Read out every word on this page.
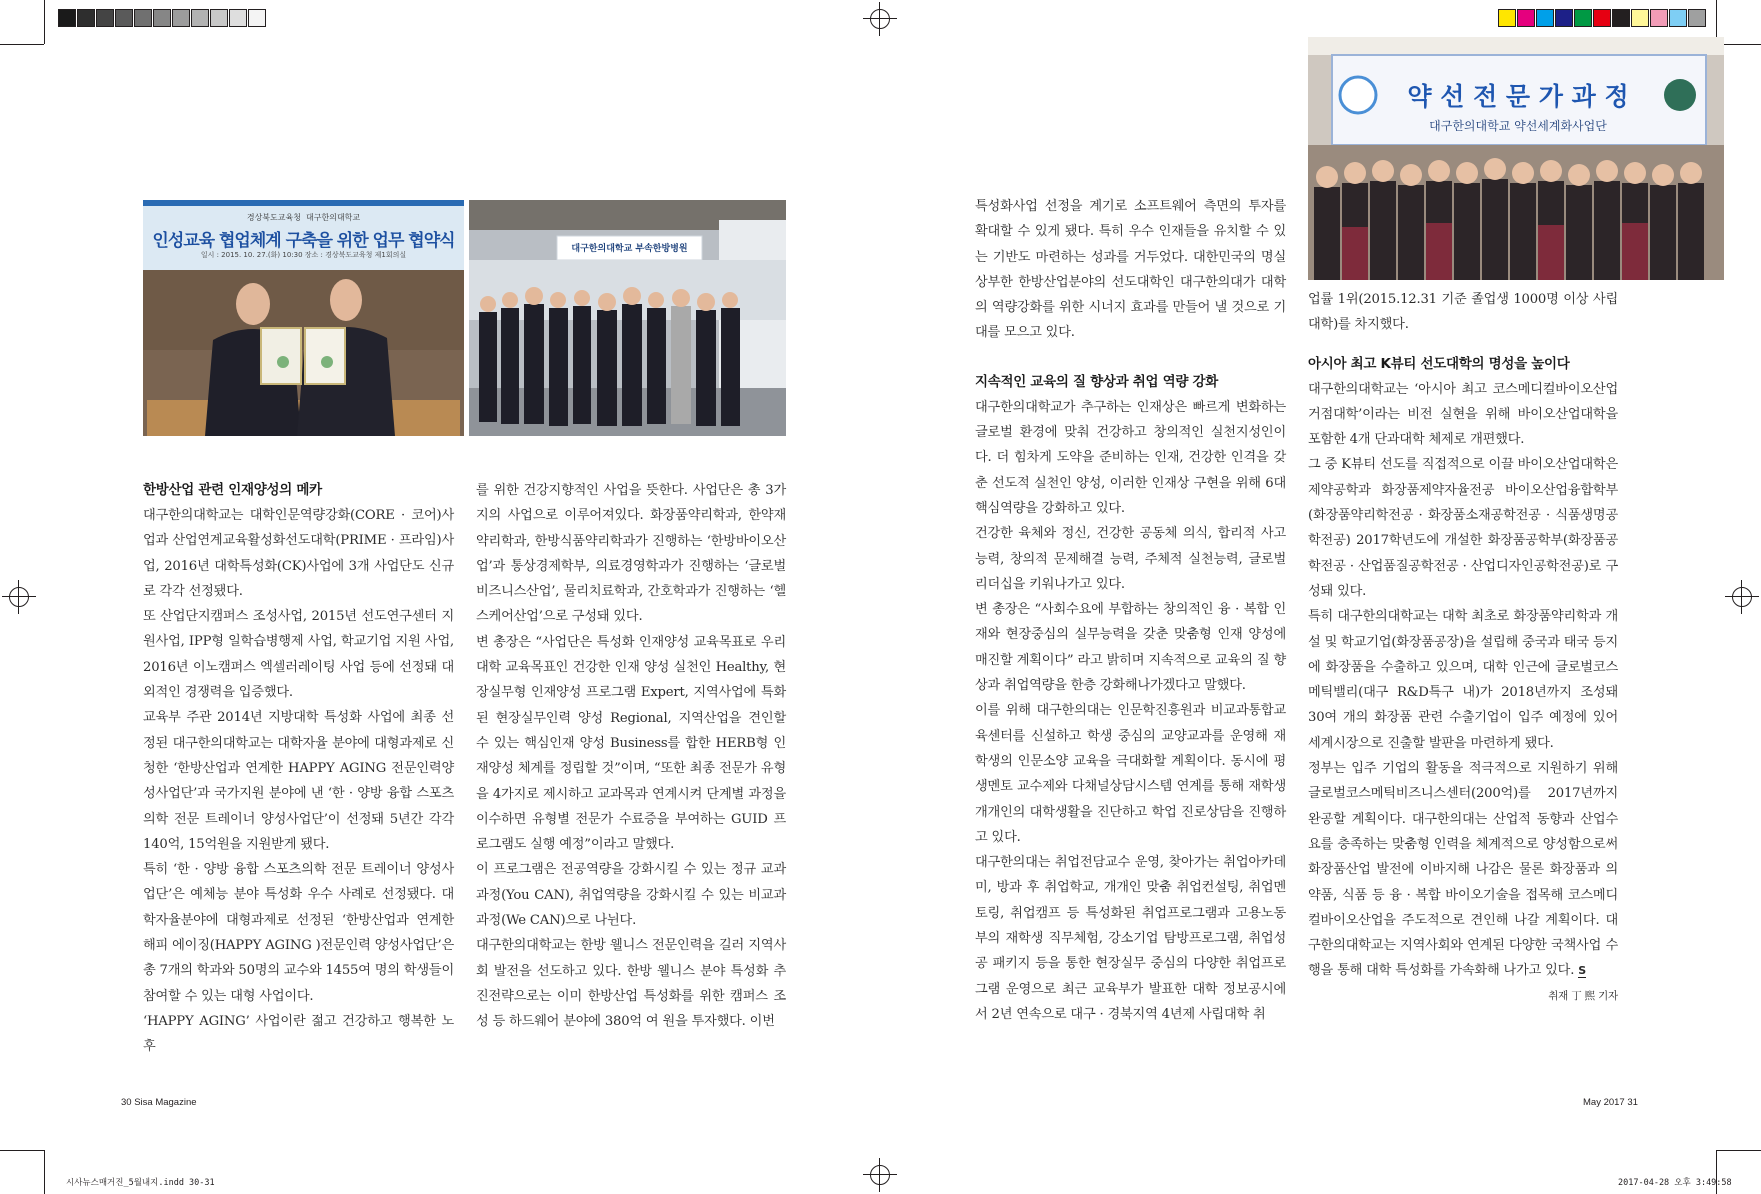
경상북도교육청 대구한의대학교
인성교육 협업체계 구축을 위한 업무 협약식
일시 : 2015. 10. 27.(화) 10:30 장소 : 경상북도교육청 제1회의실
대구한의대학교 부속한방병원
약 선 전 문 가 과 정
대구한의대학교 약선세계화사업단
한방산업 관련 인재양성의 메카

대구한의대학교는 대학인문역량강화(CORE · 코어)사업과 산업연계교육활성화선도대학(PRIME · 프라임)사업, 2016년 대학특성화(CK)사업에 3개 사업단도 신규로 각각 선정됐다.

또 산업단지캠퍼스 조성사업, 2015년 선도연구센터 지원사업, IPP형 일학습병행제 사업, 학교기업 지원 사업, 2016년 이노캠퍼스 엑셀러레이팅 사업 등에 선정돼 대외적인 경쟁력을 입증했다.

교육부 주관 2014년 지방대학 특성화 사업에 최종 선정된 대구한의대학교는 대학자율 분야에 대형과제로 신청한 ‘한방산업과 연계한 HAPPY AGING 전문인력양성사업단’과 국가지원 분야에 낸 ‘한 · 양방 융합 스포츠의학 전문 트레이너 양성사업단’이 선정돼 5년간 각각 140억, 15억원을 지원받게 됐다.

특히 ‘한 · 양방 융합 스포츠의학 전문 트레이너 양성사업단’은 예체능 분야 특성화 우수 사례로 선정됐다. 대학자율분야에 대형과제로 선정된 ‘한방산업과 연계한 해피 에이징(HAPPY AGING )전문인력 양성사업단’은 총 7개의 학과와 50명의 교수와 1455여 명의 학생들이 참여할 수 있는 대형 사업이다.

‘HAPPY AGING’ 사업이란 젊고 건강하고 행복한 노후

를 위한 건강지향적인 사업을 뜻한다. 사업단은 총 3가지의 사업으로 이루어져있다. 화장품약리학과, 한약재약리학과, 한방식품약리학과가 진행하는 ‘한방바이오산업’과 통상경제학부, 의료경영학과가 진행하는 ‘글로벌 비즈니스산업’, 물리치료학과, 간호학과가 진행하는 ‘헬스케어산업’으로 구성돼 있다.

변 총장은 “사업단은 특성화 인재양성 교육목표로 우리대학 교육목표인 건강한 인재 양성 실천인 Healthy, 현장실무형 인재양성 프로그램 Expert, 지역사업에 특화된 현장실무인력 양성 Regional, 지역산업을 견인할 수 있는 핵심인재 양성 Business를 합한 HERB형 인재양성 체계를 정립할 것”이며, “또한 최종 전문가 유형을 4가지로 제시하고 교과목과 연계시켜 단계별 과정을 이수하면 유형별 전문가 수료증을 부여하는 GUID 프로그램도 실행 예정”이라고 말했다.

이 프로그램은 전공역량을 강화시킬 수 있는 정규 교과과정(You CAN), 취업역량을 강화시킬 수 있는 비교과과정(We CAN)으로 나뉜다.

대구한의대학교는 한방 웰니스 전문인력을 길러 지역사회 발전을 선도하고 있다. 한방 웰니스 분야 특성화 추진전략으로는 이미 한방산업 특성화를 위한 캠퍼스 조성 등 하드웨어 분야에 380억 여 원을 투자했다. 이번

특성화사업 선정을 계기로 소프트웨어 측면의 투자를 확대할 수 있게 됐다. 특히 우수 인재들을 유치할 수 있는 기반도 마련하는 성과를 거두었다. 대한민국의 명실상부한 한방산업분야의 선도대학인 대구한의대가 대학의 역량강화를 위한 시너지 효과를 만들어 낼 것으로 기대를 모으고 있다.

지속적인 교육의 질 향상과 취업 역량 강화

대구한의대학교가 추구하는 인재상은 빠르게 변화하는 글로벌 환경에 맞춰 건강하고 창의적인 실천지성인이다. 더 힘차게 도약을 준비하는 인재, 건강한 인격을 갖춘 선도적 실천인 양성, 이러한 인재상 구현을 위해 6대 핵심역량을 강화하고 있다.

건강한 육체와 정신, 건강한 공동체 의식, 합리적 사고능력, 창의적 문제해결 능력, 주체적 실천능력, 글로벌 리더십을 키워나가고 있다.

변 총장은 “사회수요에 부합하는 창의적인 융 · 복합 인재와 현장중심의 실무능력을 갖춘 맞춤형 인재 양성에 매진할 계획이다” 라고 밝히며 지속적으로 교육의 질 향상과 취업역량을 한층 강화해나가겠다고 말했다.

이를 위해 대구한의대는 인문학진흥원과 비교과통합교육센터를 신설하고 학생 중심의 교양교과를 운영해 재학생의 인문소양 교육을 극대화할 계획이다. 동시에 평생멘토 교수제와 다채널상담시스템 연계를 통해 재학생 개개인의 대학생활을 진단하고 학업 진로상담을 진행하고 있다.

대구한의대는 취업전담교수 운영, 찾아가는 취업아카데미, 방과 후 취업학교, 개개인 맞춤 취업컨설팅, 취업멘토링, 취업캠프 등 특성화된 취업프로그램과 고용노동부의 재학생 직무체험, 강소기업 탐방프로그램, 취업성공 패키지 등을 통한 현장실무 중심의 다양한 취업프로그램 운영으로 최근 교육부가 발표한 대학 정보공시에서 2년 연속으로 대구 · 경북지역 4년제 사립대학 취

업률 1위(2015.12.31 기준 졸업생 1000명 이상 사립대학)를 차지했다.

아시아 최고 K뷰티 선도대학의 명성을 높이다

대구한의대학교는 ‘아시아 최고 코스메디컬바이오산업 거점대학’이라는 비전 실현을 위해 바이오산업대학을 포함한 4개 단과대학 체제로 개편했다.

그 중 K뷰티 선도를 직접적으로 이끌 바이오산업대학은 제약공학과 화장품제약자율전공 바이오산업융합학부(화장품약리학전공 · 화장품소재공학전공 · 식품생명공학전공) 2017학년도에 개설한 화장품공학부(화장품공학전공 · 산업품질공학전공 · 산업디자인공학전공)로 구성돼 있다.

특히 대구한의대학교는 대학 최초로 화장품약리학과 개설 및 학교기업(화장품공장)을 설립해 중국과 태국 등지에 화장품을 수출하고 있으며, 대학 인근에 글로벌코스메틱밸리(대구 R&D특구 내)가 2018년까지 조성돼 30여 개의 화장품 관련 수출기업이 입주 예정에 있어 세계시장으로 진출할 발판을 마련하게 됐다.

정부는 입주 기업의 활동을 적극적으로 지원하기 위해 글로벌코스메틱비즈니스센터(200억)를 2017년까지 완공할 계획이다. 대구한의대는 산업적 동향과 산업수요를 충족하는 맞춤형 인력을 체계적으로 양성함으로써 화장품산업 발전에 이바지해 나감은 물론 화장품과 의약품, 식품 등 융 · 복합 바이오기술을 접목해 코스메디컬바이오산업을 주도적으로 견인해 나갈 계획이다. 대구한의대학교는 지역사회와 연계된 다양한 국책사업 수행을 통해 대학 특성화를 가속화해 나가고 있다. S

취재 丁 熙 기자

30 Sisa Magazine	May 2017 31
시사뉴스매거진_5월내지.indd 30-31	2017-04-28 오후 3:49:58
